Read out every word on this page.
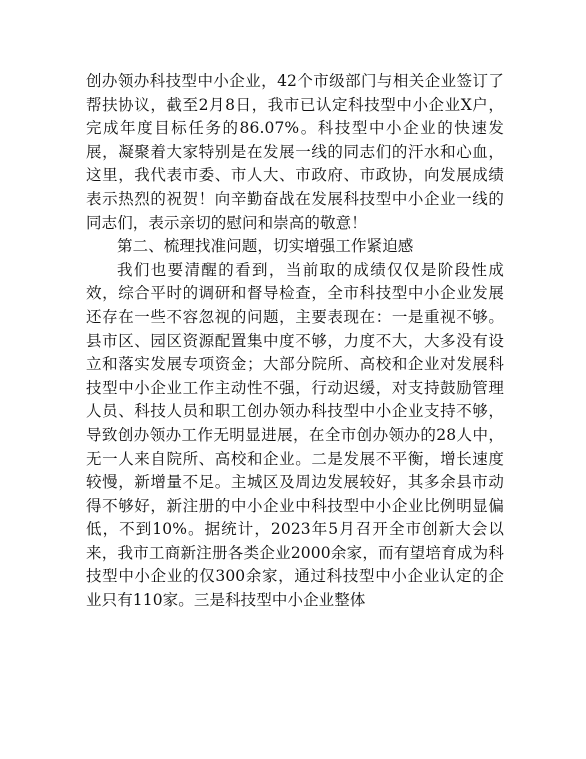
创办领办科技型中小企业，42个市级部门与相关企业签订了帮扶协议，截至2月8日，我市已认定科技型中小企业X户，完成年度目标任务的86.07%。科技型中小企业的快速发展，凝聚着大家特别是在发展一线的同志们的汗水和心血，这里，我代表市委、市人大、市政府、市政协，向发展成绩表示热烈的祝贺！向辛勤奋战在发展科技型中小企业一线的同志们，表示亲切的慰问和崇高的敬意！

第二、梳理找准问题，切实增强工作紧迫感

我们也要清醒的看到，当前取的成绩仅仅是阶段性成效，综合平时的调研和督导检查，全市科技型中小企业发展还存在一些不容忽视的问题，主要表现在：一是重视不够。县市区、园区资源配置集中度不够，力度不大，大多没有设立和落实发展专项资金；大部分院所、高校和企业对发展科技型中小企业工作主动性不强，行动迟缓，对支持鼓励管理人员、科技人员和职工创办领办科技型中小企业支持不够，导致创办领办工作无明显进展，在全市创办领办的28人中，无一人来自院所、高校和企业。二是发展不平衡，增长速度较慢，新增量不足。主城区及周边发展较好，其多余县市动得不够好，新注册的中小企业中科技型中小企业比例明显偏低，不到10%。据统计，2023年5月召开全市创新大会以来，我市工商新注册各类企业2000余家，而有望培育成为科技型中小企业的仅300余家，通过科技型中小企业认定的企业只有110家。三是科技型中小企业整体
